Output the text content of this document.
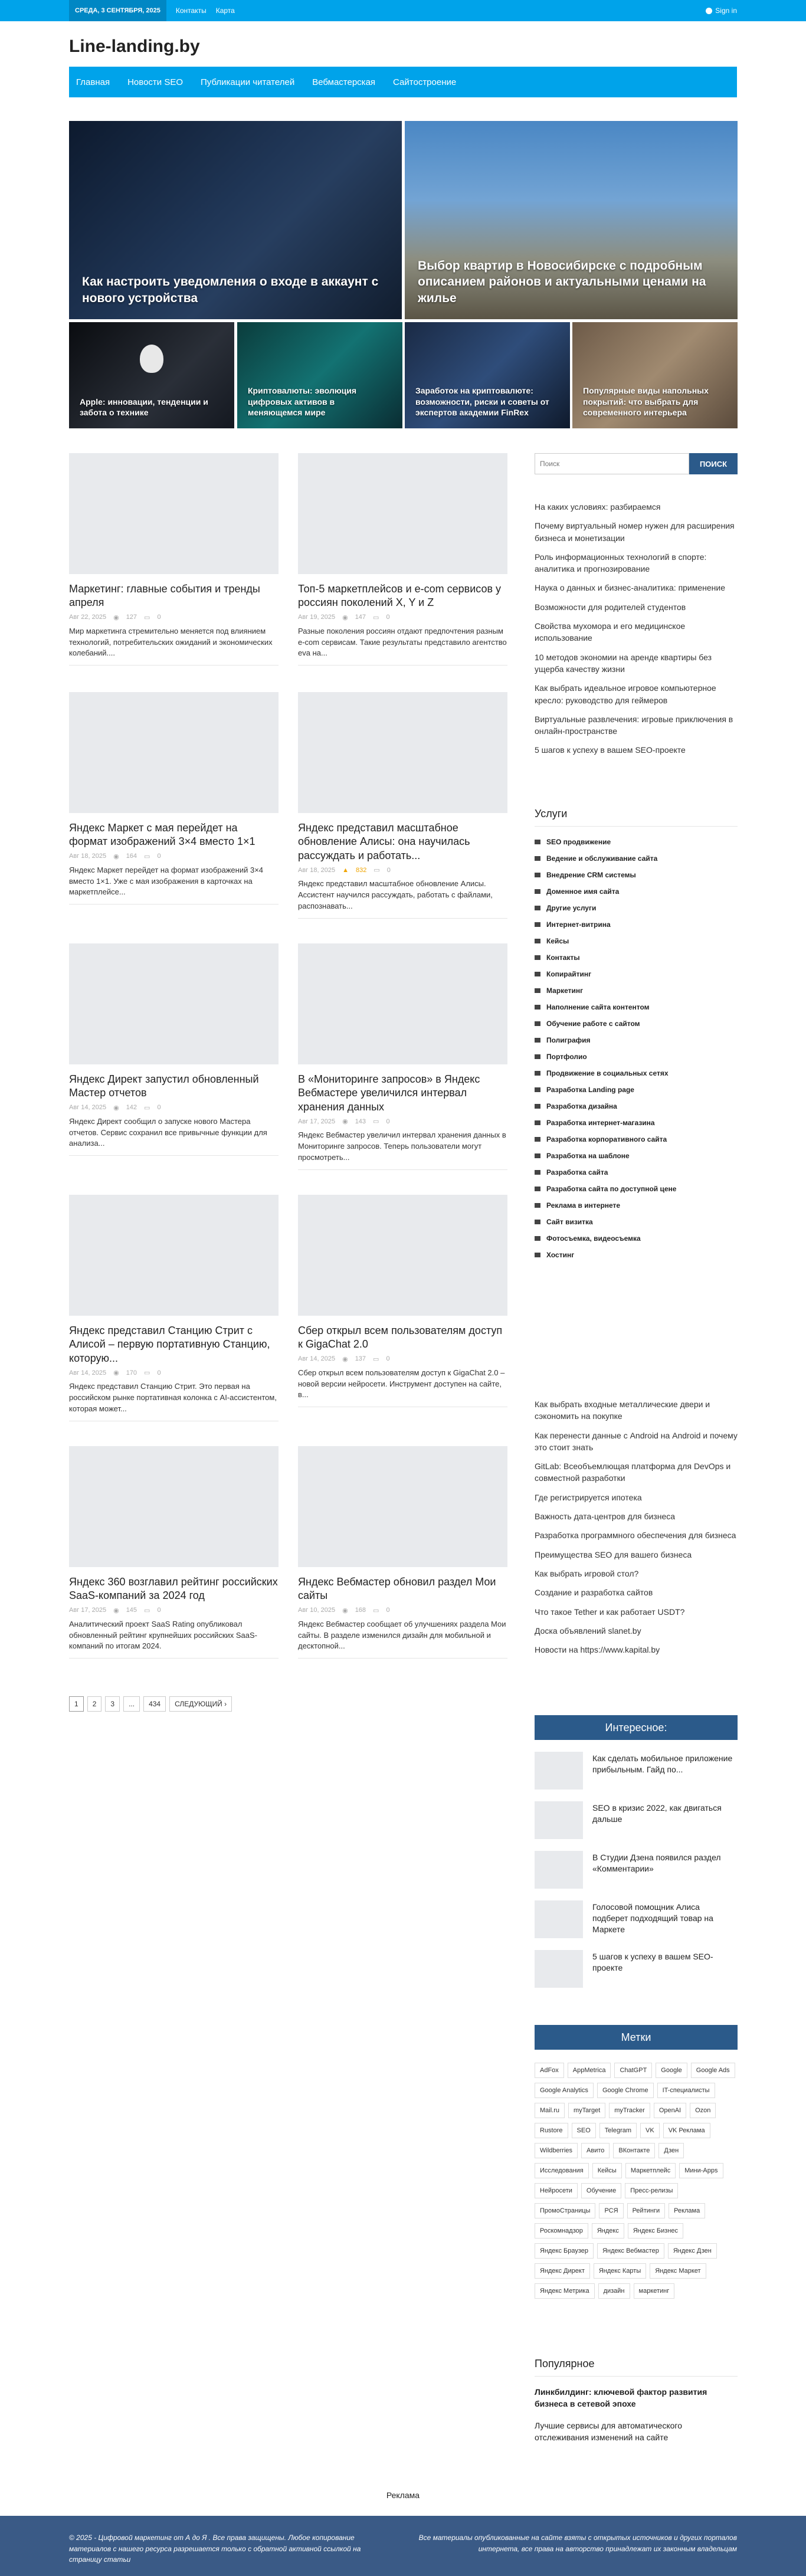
СРЕДА, 3 СЕНТЯБРЯ, 2025	Контакты Карта	Sign in
Line-landing.by
Главная Новости SEO Публикации читателей Вебмастерская Сайтостроение
Как настроить уведомления о входе в аккаунт с нового устройства
Выбор квартир в Новосибирске с подробным описанием районов и актуальными ценами на жилье
Apple: инновации, тенденции и забота о технике
Криптовалюты: эволюция цифровых активов в меняющемся мире
Заработок на криптовалюте: возможности, риски и советы от экспертов академии FinRex
Популярные виды напольных покрытий: что выбрать для современного интерьера
Маркетинг: главные события и тренды апреля
Авг 22, 2025 ◉ 127 ▭ 0
Мир маркетинга стремительно меняется под влиянием технологий, потребительских ожиданий и экономических колебаний....
Топ-5 маркетплейсов и e-com сервисов у россиян поколений X, Y и Z
Авг 19, 2025 ◉ 147 ▭ 0
Разные поколения россиян отдают предпочтения разным e-com сервисам. Такие результаты представило агентство eva на...
Яндекс Маркет с мая перейдет на формат изображений 3×4 вместо 1×1
Авг 18, 2025 ◉ 164 ▭ 0
Яндекс Маркет перейдет на формат изображений 3×4 вместо 1×1. Уже с мая изображения в карточках на маркетплейсе...
Яндекс представил масштабное обновление Алисы: она научилась рассуждать и работать...
Авг 18, 2025 ▲ 832 ▭ 0
Яндекс представил масштабное обновление Алисы. Ассистент научился рассуждать, работать с файлами, распознавать...
Яндекс Директ запустил обновленный Мастер отчетов
Авг 14, 2025 ◉ 142 ▭ 0
Яндекс Директ сообщил о запуске нового Мастера отчетов. Сервис сохранил все привычные функции для анализа...
В «Мониторинге запросов» в Яндекс Вебмастере увеличился интервал хранения данных
Авг 17, 2025 ◉ 143 ▭ 0
Яндекс Вебмастер увеличил интервал хранения данных в Мониторинге запросов. Теперь пользователи могут просмотреть...
Яндекс представил Станцию Стрит с Алисой – первую портативную Станцию, которую...
Авг 14, 2025 ◉ 170 ▭ 0
Яндекс представил Станцию Стрит. Это первая на российском рынке портативная колонка с AI-ассистентом, которая может...
Сбер открыл всем пользователям доступ к GigaChat 2.0
Авг 14, 2025 ◉ 137 ▭ 0
Сбер открыл всем пользователям доступ к GigaChat 2.0 – новой версии нейросети. Инструмент доступен на сайте, в...
Яндекс 360 возглавил рейтинг российских SaaS-компаний за 2024 год
Авг 17, 2025 ◉ 145 ▭ 0
Аналитический проект SaaS Rating опубликовал обновленный рейтинг крупнейших российских SaaS-компаний по итогам 2024.
Яндекс Вебмастер обновил раздел Мои сайты
Авг 10, 2025 ◉ 168 ▭ 0
Яндекс Вебмастер сообщает об улучшениях раздела Мои сайты. В разделе изменился дизайн для мобильной и десктопной...
1	2	3	...	434	СЛЕДУЮЩИЙ ›
Поиск
ПОИСК
На каких условиях: разбираемся
Почему виртуальный номер нужен для расширения бизнеса и монетизации
Роль информационных технологий в спорте: аналитика и прогнозирование
Наука о данных и бизнес-аналитика: применение
Возможности для родителей студентов
Свойства мухомора и его медицинское использование
10 методов экономии на аренде квартиры без ущерба качеству жизни
Как выбрать идеальное игровое компьютерное кресло: руководство для геймеров
Виртуальные развлечения: игровые приключения в онлайн-пространстве
5 шагов к успеху в вашем SEO-проекте
Услуги
SEO продвижение
Ведение и обслуживание сайта
Внедрение CRM системы
Доменное имя сайта
Другие услуги
Интернет-витрина
Кейсы
Контакты
Копирайтинг
Маркетинг
Наполнение сайта контентом
Обучение работе с сайтом
Полиграфия
Портфолио
Продвижение в социальных сетях
Разработка Landing page
Разработка дизайна
Разработка интернет-магазина
Разработка корпоративного сайта
Разработка на шаблоне
Разработка сайта
Разработка сайта по доступной цене
Реклама в интернете
Сайт визитка
Фотосъемка, видеосъемка
Хостинг
Как выбрать входные металлические двери и сэкономить на покупке
Как перенести данные с Android на Android и почему это стоит знать
GitLab: Всеобъемлющая платформа для DevOps и совместной разработки
Где регистрируется ипотека
Важность дата-центров для бизнеса
Разработка программного обеспечения для бизнеса
Преимущества SEO для вашего бизнеса
Как выбрать игровой стол?
Создание и разработка сайтов
Что такое Tether и как работает USDT?
Доска объявлений slanet.by
Новости на https://www.kapital.by
Интересное:
Как сделать мобильное приложение прибыльным. Гайд по...
SEO в кризис 2022, как двигаться дальше
В Студии Дзена появился раздел «Комментарии»
Голосовой помощник Алиса подберет подходящий товар на Маркете
5 шагов к успеху в вашем SEO-проекте
Метки
AdFox	AppMetrica	ChatGPT	Google	Google Ads
Google Analytics	Google Chrome	IT-специалисты
Mail.ru	myTarget	myTracker	OpenAI	Ozon
Rustore	SEO	Telegram	VK	VK Реклама
Wildberries	Авито	ВКонтакте	Дзен
Исследования	Кейсы	Маркетплейс	Мини-Apps
Нейросети	Обучение	Пресс-релизы
ПромоСтраницы	РСЯ	Рейтинги	Реклама
Роскомнадзор	Яндекс	Яндекс Бизнес
Яндекс Браузер	Яндекс Вебмастер	Яндекс Дзен
Яндекс Директ	Яндекс Карты	Яндекс Маркет
Яндекс Метрика	дизайн	маркетинг
Популярное
Линкбилдинг: ключевой фактор развития бизнеса в сетевой эпохе
Лучшие сервисы для автоматического отслеживания изменений на сайте
Реклама
© 2025 - Цифровой маркетинг от А до Я . Все права защищены. Любое копирование материалов с нашего ресурса разрешается только с обратной активной ссылкой на страницу статьи
Все материалы опубликованные на сайте взяты с открытых источников и других порталов интернета, все права на авторство принадлежат их законным владельцам
